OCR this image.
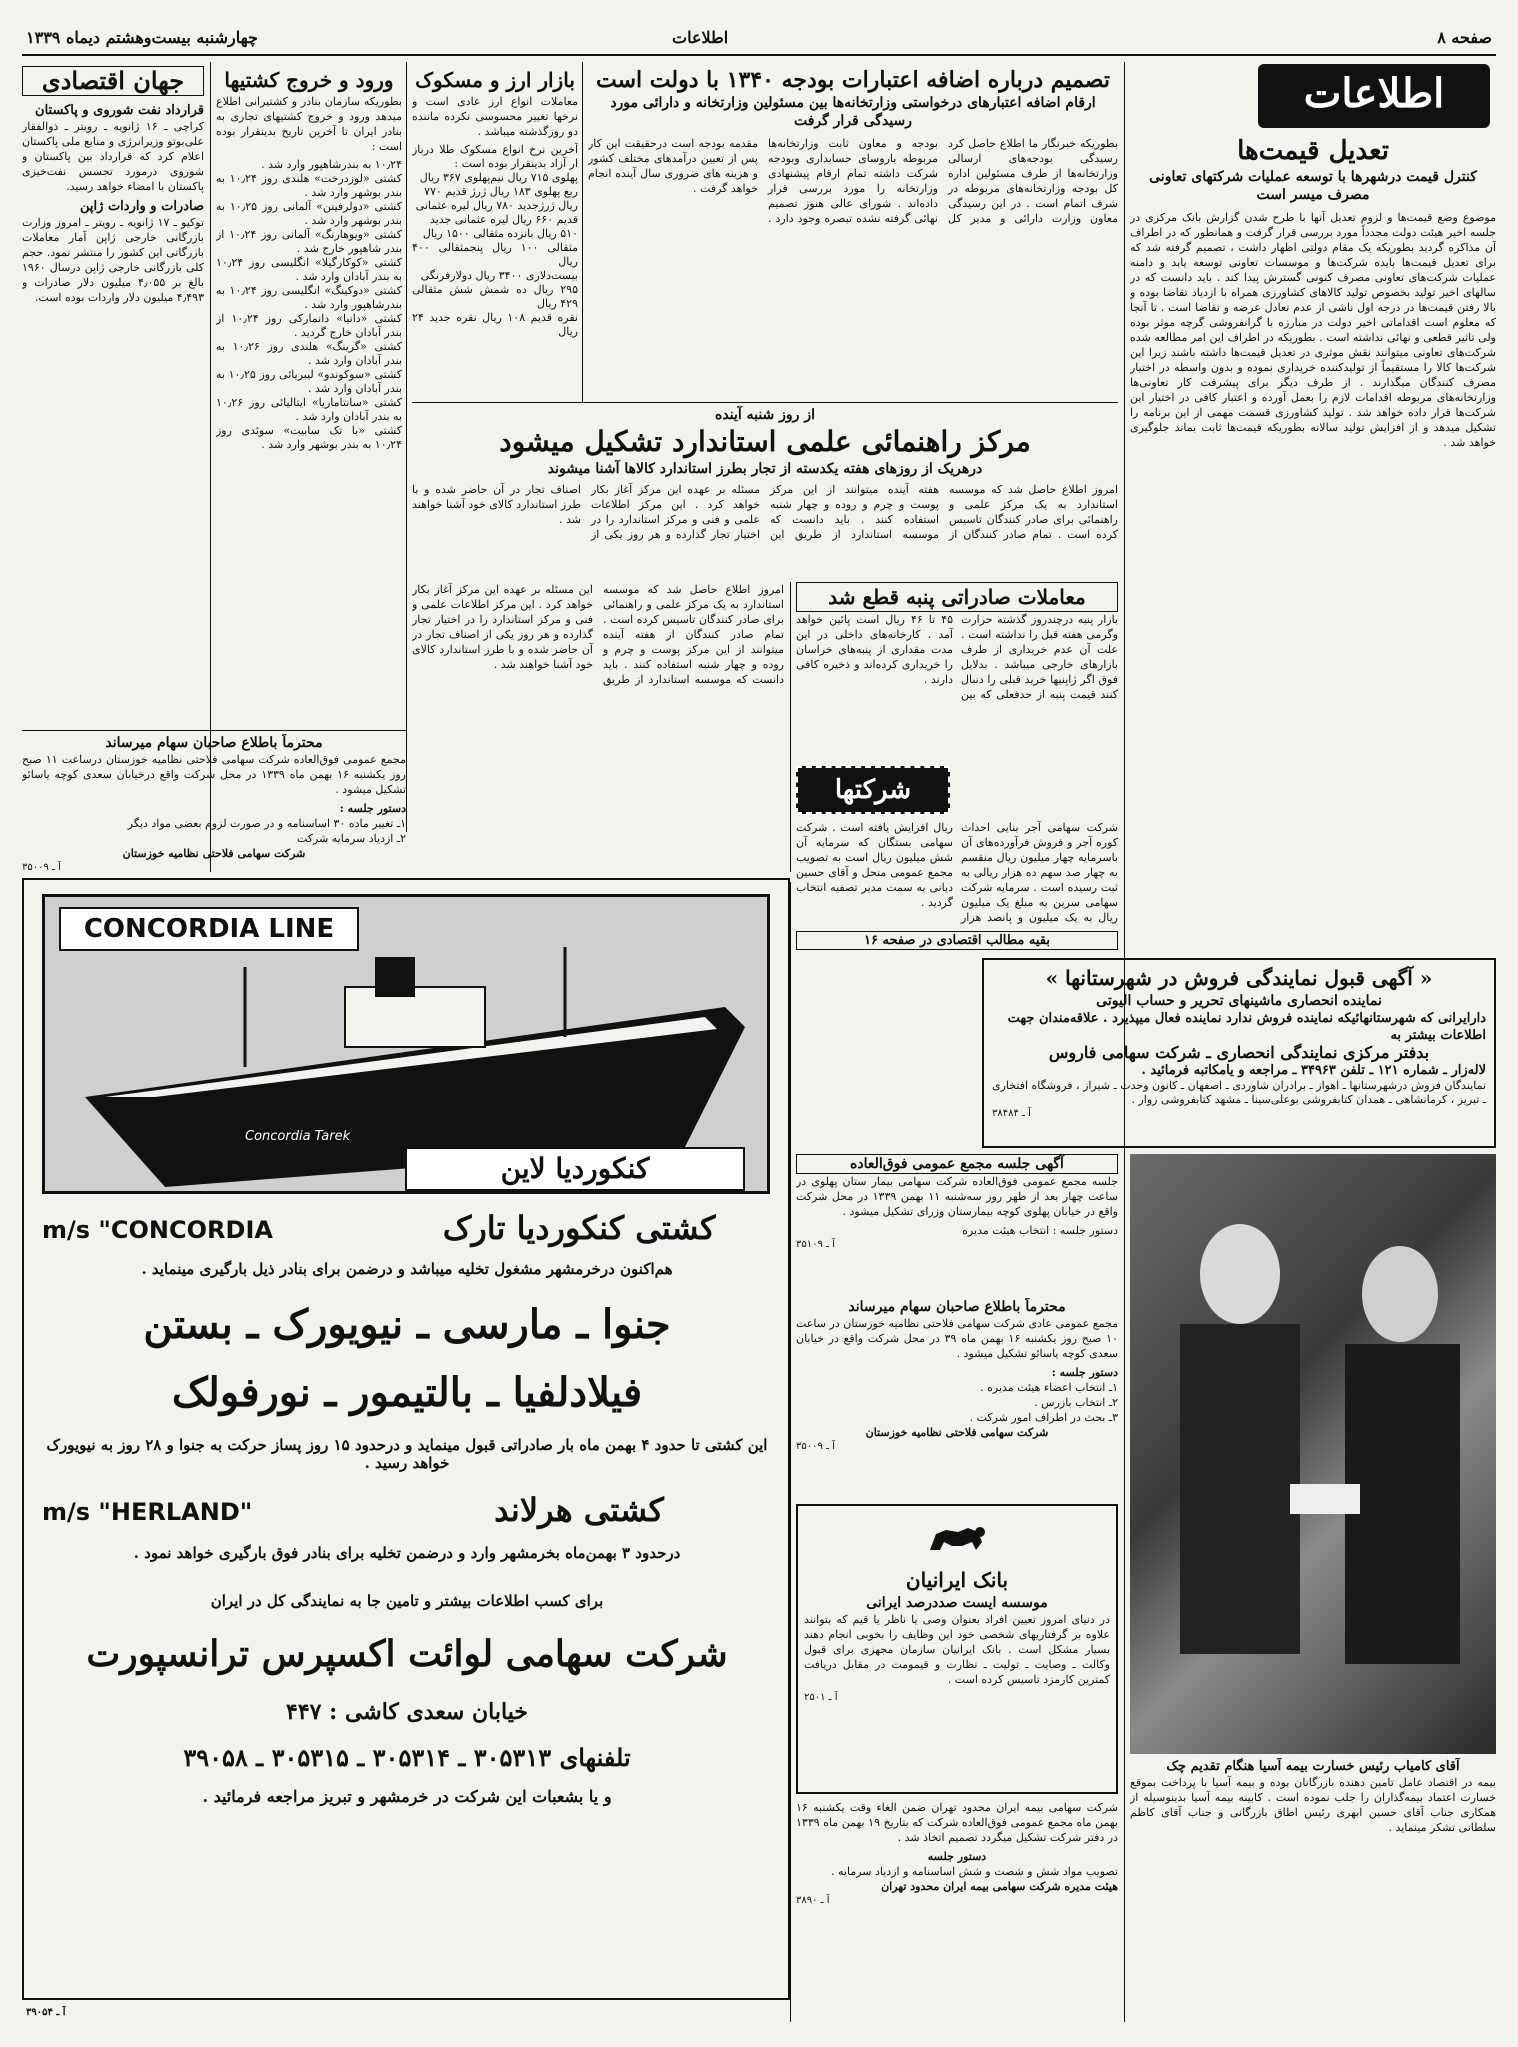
چهارشنبه بیست‌وهشتم دیماه ۱۳۳۹	اطلاعات	صفحه ۸
اطلاعات
جهان اقتصادی
قرارداد نفت شوروی و پاکستان

کراچی ـ ۱۶ ژانویه ـ رویتر ـ ذوالفقار علی‌بوتو وزیرانرژی و منابع ملی پاکستان اعلام کرد که قرارداد بین پاکستان و شوروی درمورد تجسس نفت‌خیزی پاکستان با امضاء خواهد رسید.

صادرات و واردات ژاپن

توکیو ـ ۱۷ ژانویه ـ رویتر ـ امروز وزارت بازرگانی خارجی ژاپن آمار معاملات بازرگانی این کشور را منتشر نمود. حجم کلی بازرگانی خارجی ژاپن درسال ۱۹۶۰ بالغ بر ۴٫۰۵۵ میلیون دلار صادرات و ۴٫۴۹۳ میلیون دلار واردات بوده است.

ورود و خروج کشتیها

بطوریکه سازمان بنادر و کشتیرانی اطلاع میدهد ورود و خروج کشتیهای تجاری به بنادر ایران تا آخرین تاریخ بدینقرار بوده است :

۱۰٫۲۴ به بندرشاهپور وارد شد .
کشتی «لوزدرخت» هلندی روز ۱۰٫۲۴ به بندر بوشهر وارد شد .
کشتی «دولرفینن» آلمانی روز ۱۰٫۲۵ به بندر بوشهر وارد شد .
کشتی «ویوهارنگ» آلمانی روز ۱۰٫۲۴ از بندر شاهپور خارج شد .
کشتی «کوکارگیلا» انگلیسی روز ۱۰٫۲۴ به بندر آبادان وارد شد .
کشتی «دوکینگ» انگلیسی روز ۱۰٫۲۴ به بندرشاهپور وارد شد .
کشتی «دانیا» دانمارکی روز ۱۰٫۲۴ از بندر آبادان خارج گردید .
کشتی «گرینگ» هلندی روز ۱۰٫۲۶ به بندر آبادان وارد شد .
کشتی «سوکوندو» لیبریائی روز ۱۰٫۲۵ به بندر آبادان وارد شد .
کشتی «سانتاماریا» ایتالیائی روز ۱۰٫۲۶ به بندر آبادان وارد شد .
کشتی «با تک سابیت» سوئدی روز ۱۰٫۲۴ به بندر بوشهر وارد شد .
بازار ارز و مسکوک

معاملات انواع ارز عادی است و نرخها تغییر محسوسی نکرده ماننده دو روزگذشته میباشد .

آخرین نرخ انواع مسکوک طلا درباز ار آزاد بدینقرار بوده است :
پهلوی ۷۱۵ ریال نیم‌پهلوی ۳۶۷ ریال
ربع پهلوی ۱۸۳ ریال ژرژ قدیم ۷۷۰
ریال ژرژجدید ۷۸۰ ریال لیره عثمانی
قدیم ۶۶۰ ریال لیره عثمانی جدید
۵۱۰ ریال بانزده مثقالی ۱۵۰۰ ریال
مثقالی ۱۰۰ ریال پنجمثقالی ۴۰۰ ریال
بیست‌دلاری ۳۴۰۰ ریال دولارفرنگی
۲۹۵ ریال ده شمش شش مثقالی ۴۲۹ ریال
نقره قدیم ۱۰۸ ریال نقره جدید ۲۴ ریال
تصمیم درباره اضافه اعتبارات بودجه ۱۳۴۰ با دولت است
ارقام اضافه اعتبارهای درخواستی وزارتخانه‌ها بین مسئولین وزارتخانه و دارائی مورد رسیدگی قرار گرفت

بطوریکه خبرنگار ما اطلاع حاصل کرد رسیدگی بودجه‌های ارسالی وزارتخانه‌ها از طرف مسئولین اداره کل بودجه وزارتخانه‌های مربوطه در شرف اتمام است . در این رسیدگی معاون وزارت دارائی و مدیر کل بودجه و معاون ثابت وزارتخانه‌ها مربوطه باروسای حسابداری وبودجه شرکت داشته تمام ارقام پیشنهادی وزارتخانه را مورد بررسی قرار داده‌اند . شورای عالی هنوز تصمیم نهائی گرفته نشده تبصره وجود دارد . مقدمه بودجه است درحقیقت این کار پس از تعیین درآمدهای مختلف کشور و هزینه های ضروری سال آینده انجام خواهد گرفت .

از روز شنبه آینده
مرکز راهنمائی علمی استاندارد تشکیل میشود
درهریک از روزهای هفته یکدسته از تجار بطرز استاندارد کالاها آشنا میشوند

امروز اطلاع حاصل شد که موسسه استاندارد به یک مرکز علمی و راهنمائی برای صادر کنندگان تاسیس کرده است . تمام صادر کنندگان از هفته آینده میتوانند از این مرکز پوست و چرم و روده و چهار شنبه استفاده کنند . باید دانست که موسسه استاندارد از طریق این مسئله بر عهده این مرکز آغاز بکار خواهد کرد . این مرکز اطلاعات علمی و فنی و مرکز استاندارد را در اختیار تجار گذارده و هر روز یکی از اصناف تجار در آن حاضر شده و با طرز استاندارد کالای خود آشنا خواهند شد .

معاملات صادراتی پنبه قطع شد

بازار پنبه درچندروز گذشته حرارت وگرمی هفته قبل را نداشته است . علت آن عدم خریداری از طرف بازارهای خارجی میباشد . بدلایل فوق اگر ژاپنیها خرید قبلی را دنبال کنند قیمت پنبه از حدفعلی که بین ۴۵ تا ۴۶ ریال است پائین خواهد آمد . کارخانه‌های داخلی در این مدت مقداری از پنبه‌های خراسان را خریداری کرده‌اند و ذخیره کافی دارند .

شرکتها

شرکت سهامی آجر بنایی احداث کوره آجر و فروش فرآورده‌های آن باسرمایه چهار میلیون ریال منقسم به چهار صد سهم ده هزار ریالی به ثبت رسیده است . سرمایه شرکت سهامی سرین به مبلغ یک میلیون ریال به یک میلیون و پانصد هزار ریال افزایش یافته است . شرکت سهامی بستگان که سرمایه آن شش میلیون ریال است به تصویب مجمع عمومی منحل و آقای حسین دیانی به سمت مدیر تصفیه انتخاب گردید .

بقیه مطالب اقتصادی در صفحه ۱۶

امروز اطلاع حاصل شد که موسسه استاندارد به یک مرکز علمی و راهنمائی برای صادر کنندگان تاسیس کرده است . تمام صادر کنندگان از هفته آینده میتوانند از این مرکز پوست و چرم و روده و چهار شنبه استفاده کنند . باید دانست که موسسه استاندارد از طریق این مسئله بر عهده این مرکز آغاز بکار خواهد کرد . این مرکز اطلاعات علمی و فنی و مرکز استاندارد را در اختیار تجار گذارده و هر روز یکی از اصناف تجار در آن حاضر شده و با طرز استاندارد کالای خود آشنا خواهند شد .

محترماً باطلاع صاحبان سهام میرساند

مجمع عمومی فوق‌العاده شرکت سهامی فلاحتی نظامیه خوزستان درساعت ۱۱ صبح روز یکشنبه ۱۶ بهمن ماه ۱۳۳۹ در محل شرکت واقع درخیابان سعدی کوچه یاسائو تشکیل میشود .

دستور جلسه :
۱ـ تغییر ماده ۳۰ اساسنامه و در صورت لزوم بعضی مواد دیگر
۲ـ ازدیاد سرمایه شرکت
شرکت سهامی فلاحتی نظامیه خوزستان
آ ـ ۳۵۰۰۹
تعدیل قیمت‌ها
کنترل قیمت درشهرها با توسعه عملیات شرکتهای تعاونی مصرف میسر است

موضوع وضع قیمت‌ها و لزوم تعدیل آنها با طرح شدن گزارش بانک مرکزی در جلسه اخیر هیئت دولت مجدداً مورد بررسی قرار گرفت و همانطور که در اطراف آن مذاکره گردید بطوریکه یک مقام دولتی اظهار داشت ، تصمیم گرفته شد که برای تعدیل قیمت‌ها بایده شرکت‌ها و موسسات تعاونی توسعه یابد و دامنه عملیات شرکت‌های تعاونی مصرف کنونی گسترش پیدا کند . باید دانست که در سالهای اخیر تولید بخصوص تولید کالا‌های کشاورزی همراه با ازدیاد تقاضا بوده و بالا رفتن قیمت‌ها در درجه اول ناشی از عدم تعادل عرضه و تقاضا است . تا آنجا که معلوم است اقداماتی اخیر دولت در مبارزه با گرانفروشی گرچه موثر بوده ولی تاثیر قطعی و نهائی نداشته است . بطوریکه در اطراف این امر مطالعه شده شرکت‌های تعاونی میتوانند نقش موثری در تعدیل قیمت‌ها داشته باشند زیرا این شرکت‌ها کالا را مستقیماً از تولیدکننده خریداری نموده و بدون واسطه در اختیار مصرف کنندگان میگذارند . از طرف دیگر برای پیشرفت کار تعاونی‌ها وزارتخانه‌های مربوطه اقدامات لازم را بعمل آورده و اعتبار کافی در اختیار این شرکت‌ها قرار داده خواهد شد . تولید کشاورزی قسمت مهمی از این برنامه را تشکیل میدهد و از افزایش تولید سالانه بطوریکه قیمت‌ها ثابت بماند جلوگیری خواهد شد .

« آگهی قبول نمایندگی فروش در شهرستانها »
نماینده انحصاری ماشینهای تحریر و حساب الیوتی
دارایرانی که شهرستانهائیکه نماینده فروش ندارد نماینده فعال میپذیرد . علاقه‌مندان جهت اطلاعات بیشتر به
بدفتر مرکزی نمایندگی انحصاری ـ شرکت سهامی فاروس
لاله‌زار ـ شماره ۱۲۱ ـ تلفن ۳۴۹۶۳ ـ مراجعه و یامکاتبه فرمائید .
نمایندگان فروش درشهرستانها ـ اهواز ـ برادران شاوردی ـ اصفهان ـ کانون وحدت ـ شیراز ، فروشگاه افتخاری ـ تبریز ، کرمانشاهی ـ همدان کتابفروشی بوعلی‌سینا ـ مشهد کتابفروشی زوار .
آ ـ ۳۸۴۸۴
آگهی جلسه مجمع عمومی فوق‌العاده

جلسه مجمع عمومی فوق‌العاده شرکت سهامی بیمار ستان پهلوی در ساعت چهار بعد از ظهر روز سه‌شنبه ۱۱ بهمن ۱۳۳۹ در محل شرکت واقع در خیابان پهلوی کوچه بیمارستان وزرای تشکیل میشود .

دستور جلسه : انتخاب هیئت مدیره
آ ـ ۳۵۱۰۹
محترماً باطلاع صاحبان سهام میرساند

مجمع عمومی عادی شرکت سهامی فلاحتی نظامیه خوزستان در ساعت ۱۰ صبح روز یکشنبه ۱۶ بهمن ماه ۳۹ در محل شرکت واقع در خیابان سعدی کوچه یاسائو تشکیل میشود .

دستور جلسه :
۱ـ انتخاب اعضاء هیئت مدیره .
۲ـ انتخاب بازرس .
۳ـ بحث در اطراف امور شرکت .
شرکت سهامی فلاحتی نظامیه خوزستان
آ ـ ۳۵۰۰۹
بانک ایرانیان
موسسه ایست صددرصد ایرانی

در دنیای امروز تعیین افراد بعنوان وصی یا ناظر یا قیم که بتوانند علاوه بر گرفتاریهای شخصی خود این وظایف را بخوبی انجام دهند بسیار مشکل است . بانک ایرانیان سازمان مجهزی برای قبول وکالت ـ وصایت ـ تولیت ـ نظارت و قیمومت در مقابل دریافت کمترین کارمزد تاسیس کرده است .

آ ـ ۲۵۰۱

شرکت سهامی بیمه ایران محدود تهران ضمن الغاء وقت یکشنبه ۱۶ بهمن ماه مجمع عمومی فوق‌العاده شرکت که بتاریخ ۱۹ بهمن ماه ۱۳۳۹ در دفتر شرکت تشکیل میگردد تصمیم اتخاذ شد .

دستور جلسه
تصویب مواد شش و شصت و شش اساسنامه و ازدیاد سرمایه .
هیئت مدیره شرکت سهامی بیمه ایران محدود تهران
آ ـ ۳۸۹۰
آقای کامیاب رئیس خسارت بیمه آسیا هنگام تقدیم چک

بیمه در اقتصاد عامل تامین دهنده بازرگانان بوده و بیمه آسیا با پرداخت بموقع خسارت اعتماد بیمه‌گذاران را جلب نموده است . کابینه بیمه آسیا بدینوسیله از همکاری جناب آقای حسین ابهری رئیس اطاق بازرگانی و جناب آقای کاظم سلطانی تشکر مینماید .

CONCORDIA LINE
Concordia Tarek
کنکوردیا لاین
m/s "CONCORDIA	کشتی کنکوردیا تارک
هم‌اکنون درخرمشهر مشغول تخلیه میباشد و درضمن برای بنادر ذیل بارگیری مینماید .
جنوا ـ مارسی ـ نیویورک ـ بستن
فیلادلفیا ـ بالتیمور ـ نورفولک
این کشتی تا حدود ۴ بهمن ماه بار صادراتی قبول مینماید و درحدود ۱۵ روز پساز حرکت به جنوا و ۲۸ روز به نیویورک خواهد رسید .
m/s "HERLAND"	کشتی هرلاند
درحدود ۳ بهمن‌ماه بخرمشهر وارد و درضمن تخلیه برای بنادر فوق بارگیری خواهد نمود .
برای کسب اطلاعات بیشتر و تامین جا به نمایندگی کل در ایران
شرکت سهامی لوائت اکسپرس ترانسپورت
خیابان سعدی کاشی : ۴۴۷
تلفنهای ۳۰۵۳۱۳ ـ ۳۰۵۳۱۴ ـ ۳۰۵۳۱۵ ـ ۳۹۰۵۸
و یا بشعبات این شرکت در خرمشهر و تبریز مراجعه فرمائید .
آ ـ ۳۹۰۵۴
